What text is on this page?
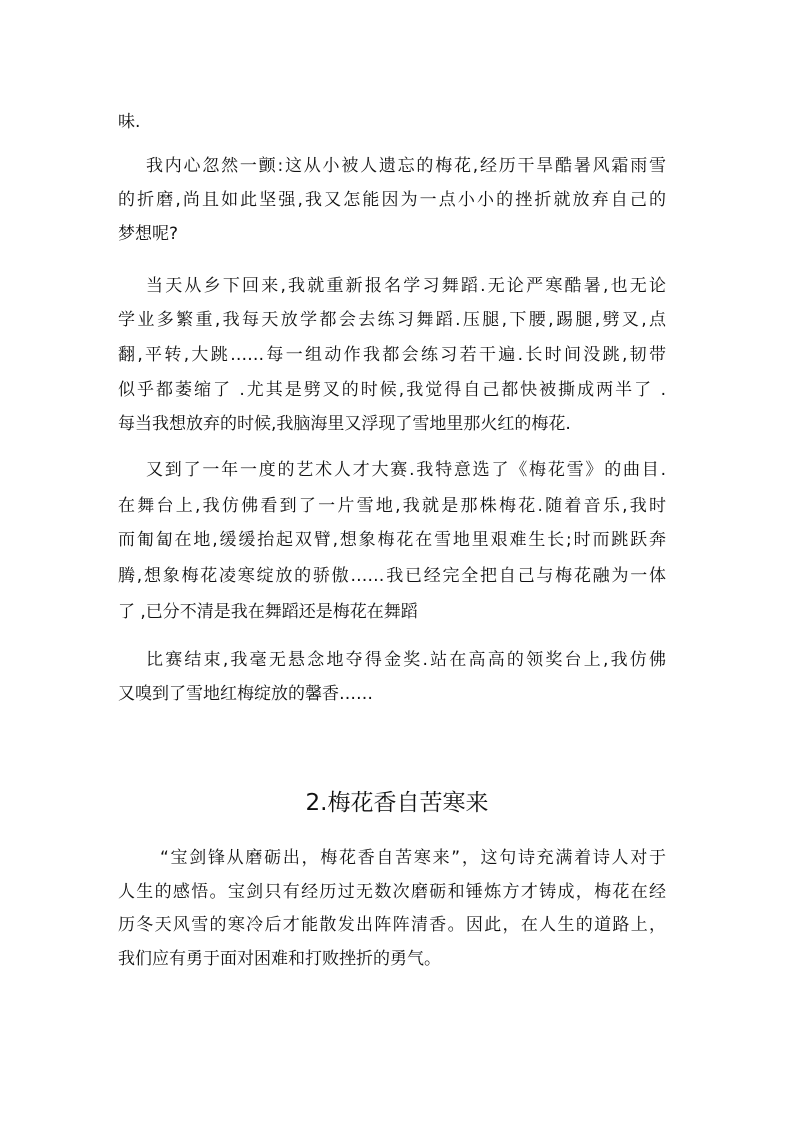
味.
我内心忽然一颤:这从小被人遗忘的梅花,经历干旱酷暑风霜雨雪
的折磨,尚且如此坚强,我又怎能因为一点小小的挫折就放弃自己的
梦想呢?
当天从乡下回来,我就重新报名学习舞蹈.无论严寒酷暑,也无论
学业多繁重,我每天放学都会去练习舞蹈.压腿,下腰,踢腿,劈叉,点
翻,平转,大跳……每一组动作我都会练习若干遍.长时间没跳,韧带
似乎都萎缩了 .尤其是劈叉的时候,我觉得自己都快被撕成两半了 .
每当我想放弃的时候,我脑海里又浮现了雪地里那火红的梅花.
又到了一年一度的艺术人才大赛.我特意选了《梅花雪》的曲目.
在舞台上,我仿佛看到了一片雪地,我就是那株梅花.随着音乐,我时
而匍匐在地,缓缓抬起双臂,想象梅花在雪地里艰难生长;时而跳跃奔
腾,想象梅花凌寒绽放的骄傲……我已经完全把自己与梅花融为一体
了 ,已分不清是我在舞蹈还是梅花在舞蹈
比赛结束,我毫无悬念地夺得金奖.站在高高的领奖台上,我仿佛
又嗅到了雪地红梅绽放的馨香……
2.梅花香自苦寒来
“宝剑锋从磨砺出，梅花香自苦寒来”，这句诗充满着诗人对于
人生的感悟。宝剑只有经历过无数次磨砺和锤炼方才铸成，梅花在经
历冬天风雪的寒冷后才能散发出阵阵清香。因此，在人生的道路上，
我们应有勇于面对困难和打败挫折的勇气。
